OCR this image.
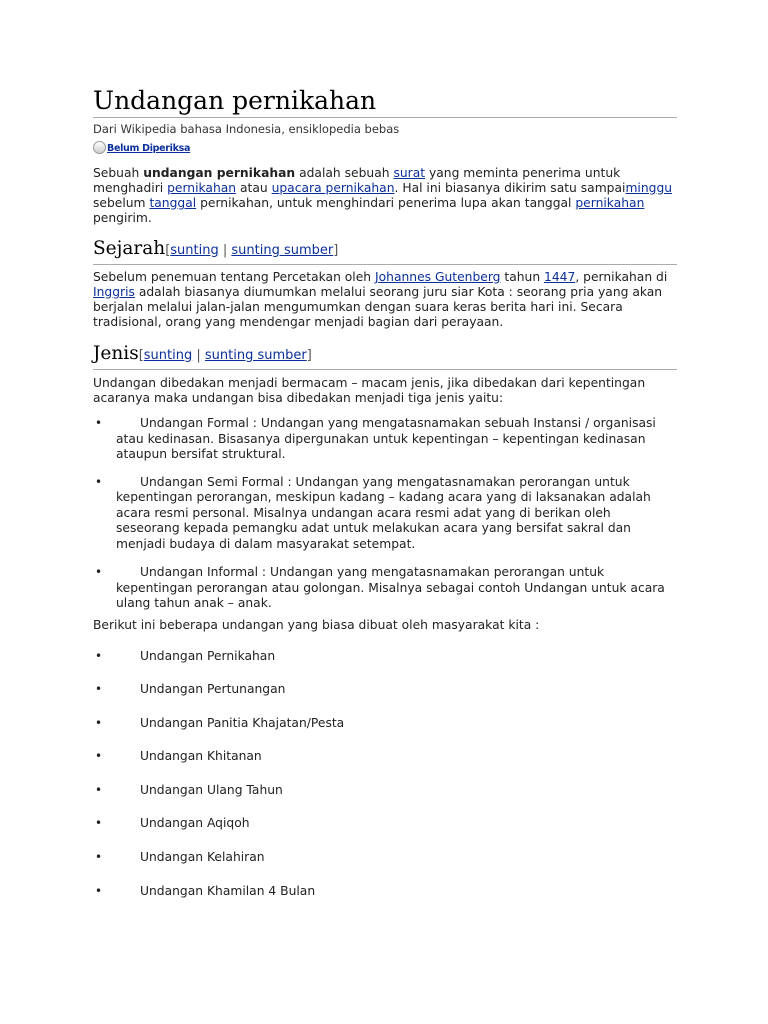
Undangan pernikahan
Dari Wikipedia bahasa Indonesia, ensiklopedia bebas
Belum Diperiksa

Sebuah undangan pernikahan adalah sebuah surat yang meminta penerima untuk menghadiri pernikahan atau upacara pernikahan. Hal ini biasanya dikirim satu sampaiminggu sebelum tanggal pernikahan, untuk menghindari penerima lupa akan tanggal pernikahan pengirim.

Sejarah[sunting | sunting sumber]

Sebelum penemuan tentang Percetakan oleh Johannes Gutenberg tahun 1447, pernikahan di Inggris adalah biasanya diumumkan melalui seorang juru siar Kota : seorang pria yang akan berjalan melalui jalan-jalan mengumumkan dengan suara keras berita hari ini. Secara tradisional, orang yang mendengar menjadi bagian dari perayaan.

Jenis[sunting | sunting sumber]

Undangan dibedakan menjadi bermacam – macam jenis, jika dibedakan dari kepentingan acaranya maka undangan bisa dibedakan menjadi tiga jenis yaitu:

•	Undangan Formal : Undangan yang mengatasnamakan sebuah Instansi / organisasi atau kedinasan. Bisasanya dipergunakan untuk kepentingan – kepentingan kedinasan ataupun bersifat struktural.
•	Undangan Semi Formal : Undangan yang mengatasnamakan perorangan untuk kepentingan perorangan, meskipun kadang – kadang acara yang di laksanakan adalah acara resmi personal. Misalnya undangan acara resmi adat yang di berikan oleh seseorang kepada pemangku adat untuk melakukan acara yang bersifat sakral dan menjadi budaya di dalam masyarakat setempat.
•	Undangan Informal : Undangan yang mengatasnamakan perorangan untuk kepentingan perorangan atau golongan. Misalnya sebagai contoh Undangan untuk acara ulang tahun anak – anak.

Berikut ini beberapa undangan yang biasa dibuat oleh masyarakat kita :

•	Undangan Pernikahan
•	Undangan Pertunangan
•	Undangan Panitia Khajatan/Pesta
•	Undangan Khitanan
•	Undangan Ulang Tahun
•	Undangan Aqiqoh
•	Undangan Kelahiran
•	Undangan Khamilan 4 Bulan
